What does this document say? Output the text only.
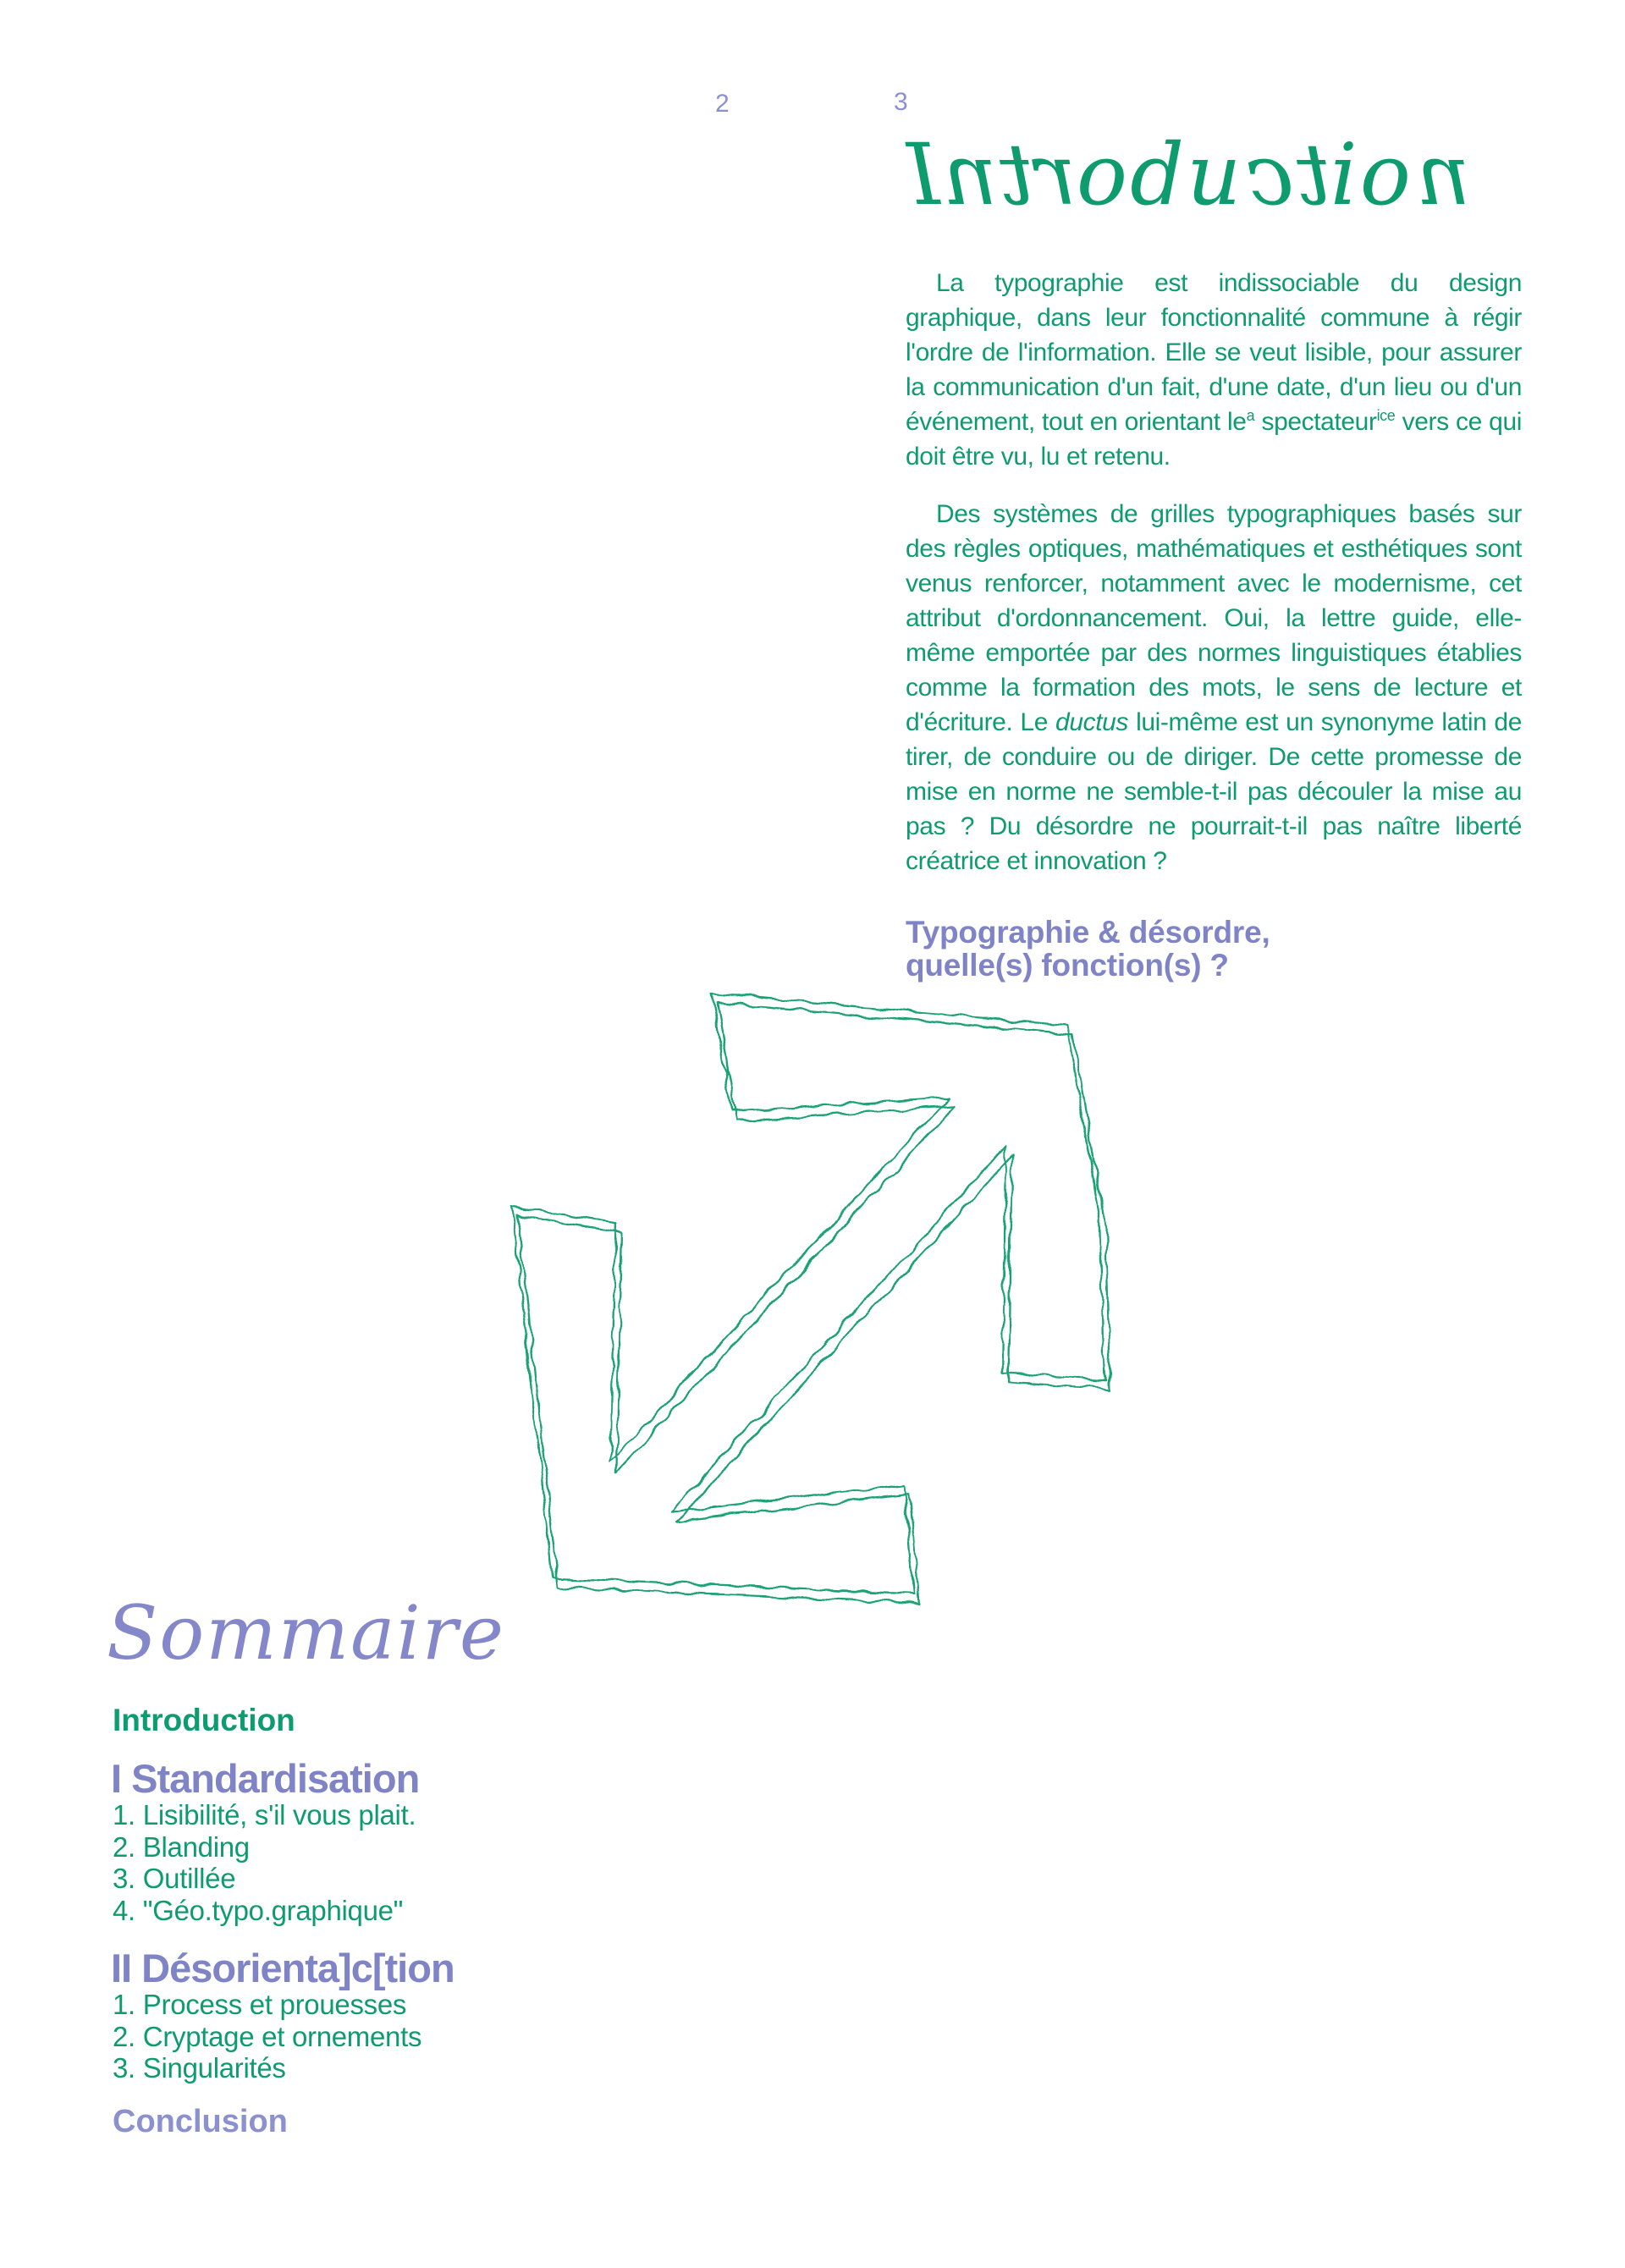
2	3
Introduction

La typographie est indissociable du design graphique, dans leur fonctionnalité commune à régir l'ordre de l'information. Elle se veut lisible, pour assurer la communication d'un fait, d'une date, d'un lieu ou d'un événement, tout en orientant $le^a$ spectateur$^{ice}$ vers ce qui doit être vu, lu et retenu.

Des systèmes de grilles typographiques basés sur des règles optiques, mathématiques et esthétiques sont venus renforcer, notamment avec le modernisme, cet attribut d'ordonnancement. Oui, la lettre guide, elle-même emportée par des normes linguistiques établies comme la formation des mots, le sens de lecture et d'écriture. Le ductus lui-même est un synonyme latin de tirer, de conduire ou de diriger. De cette promesse de mise en norme ne semble-t-il pas découler la mise au pas ? Du désordre ne pourrait-t-il pas naître liberté créatrice et innovation ?

Typographie & désordre,
quelle(s) fonction(s) ?
Sommaire
Introduction
I Standardisation
1. Lisibilité, s'il vous plait.
2. Blanding
3. Outillée
4. "Géo.typo.graphique"
II Désorienta]c[tion
1. Process et prouesses
2. Cryptage et ornements
3. Singularités
Conclusion
